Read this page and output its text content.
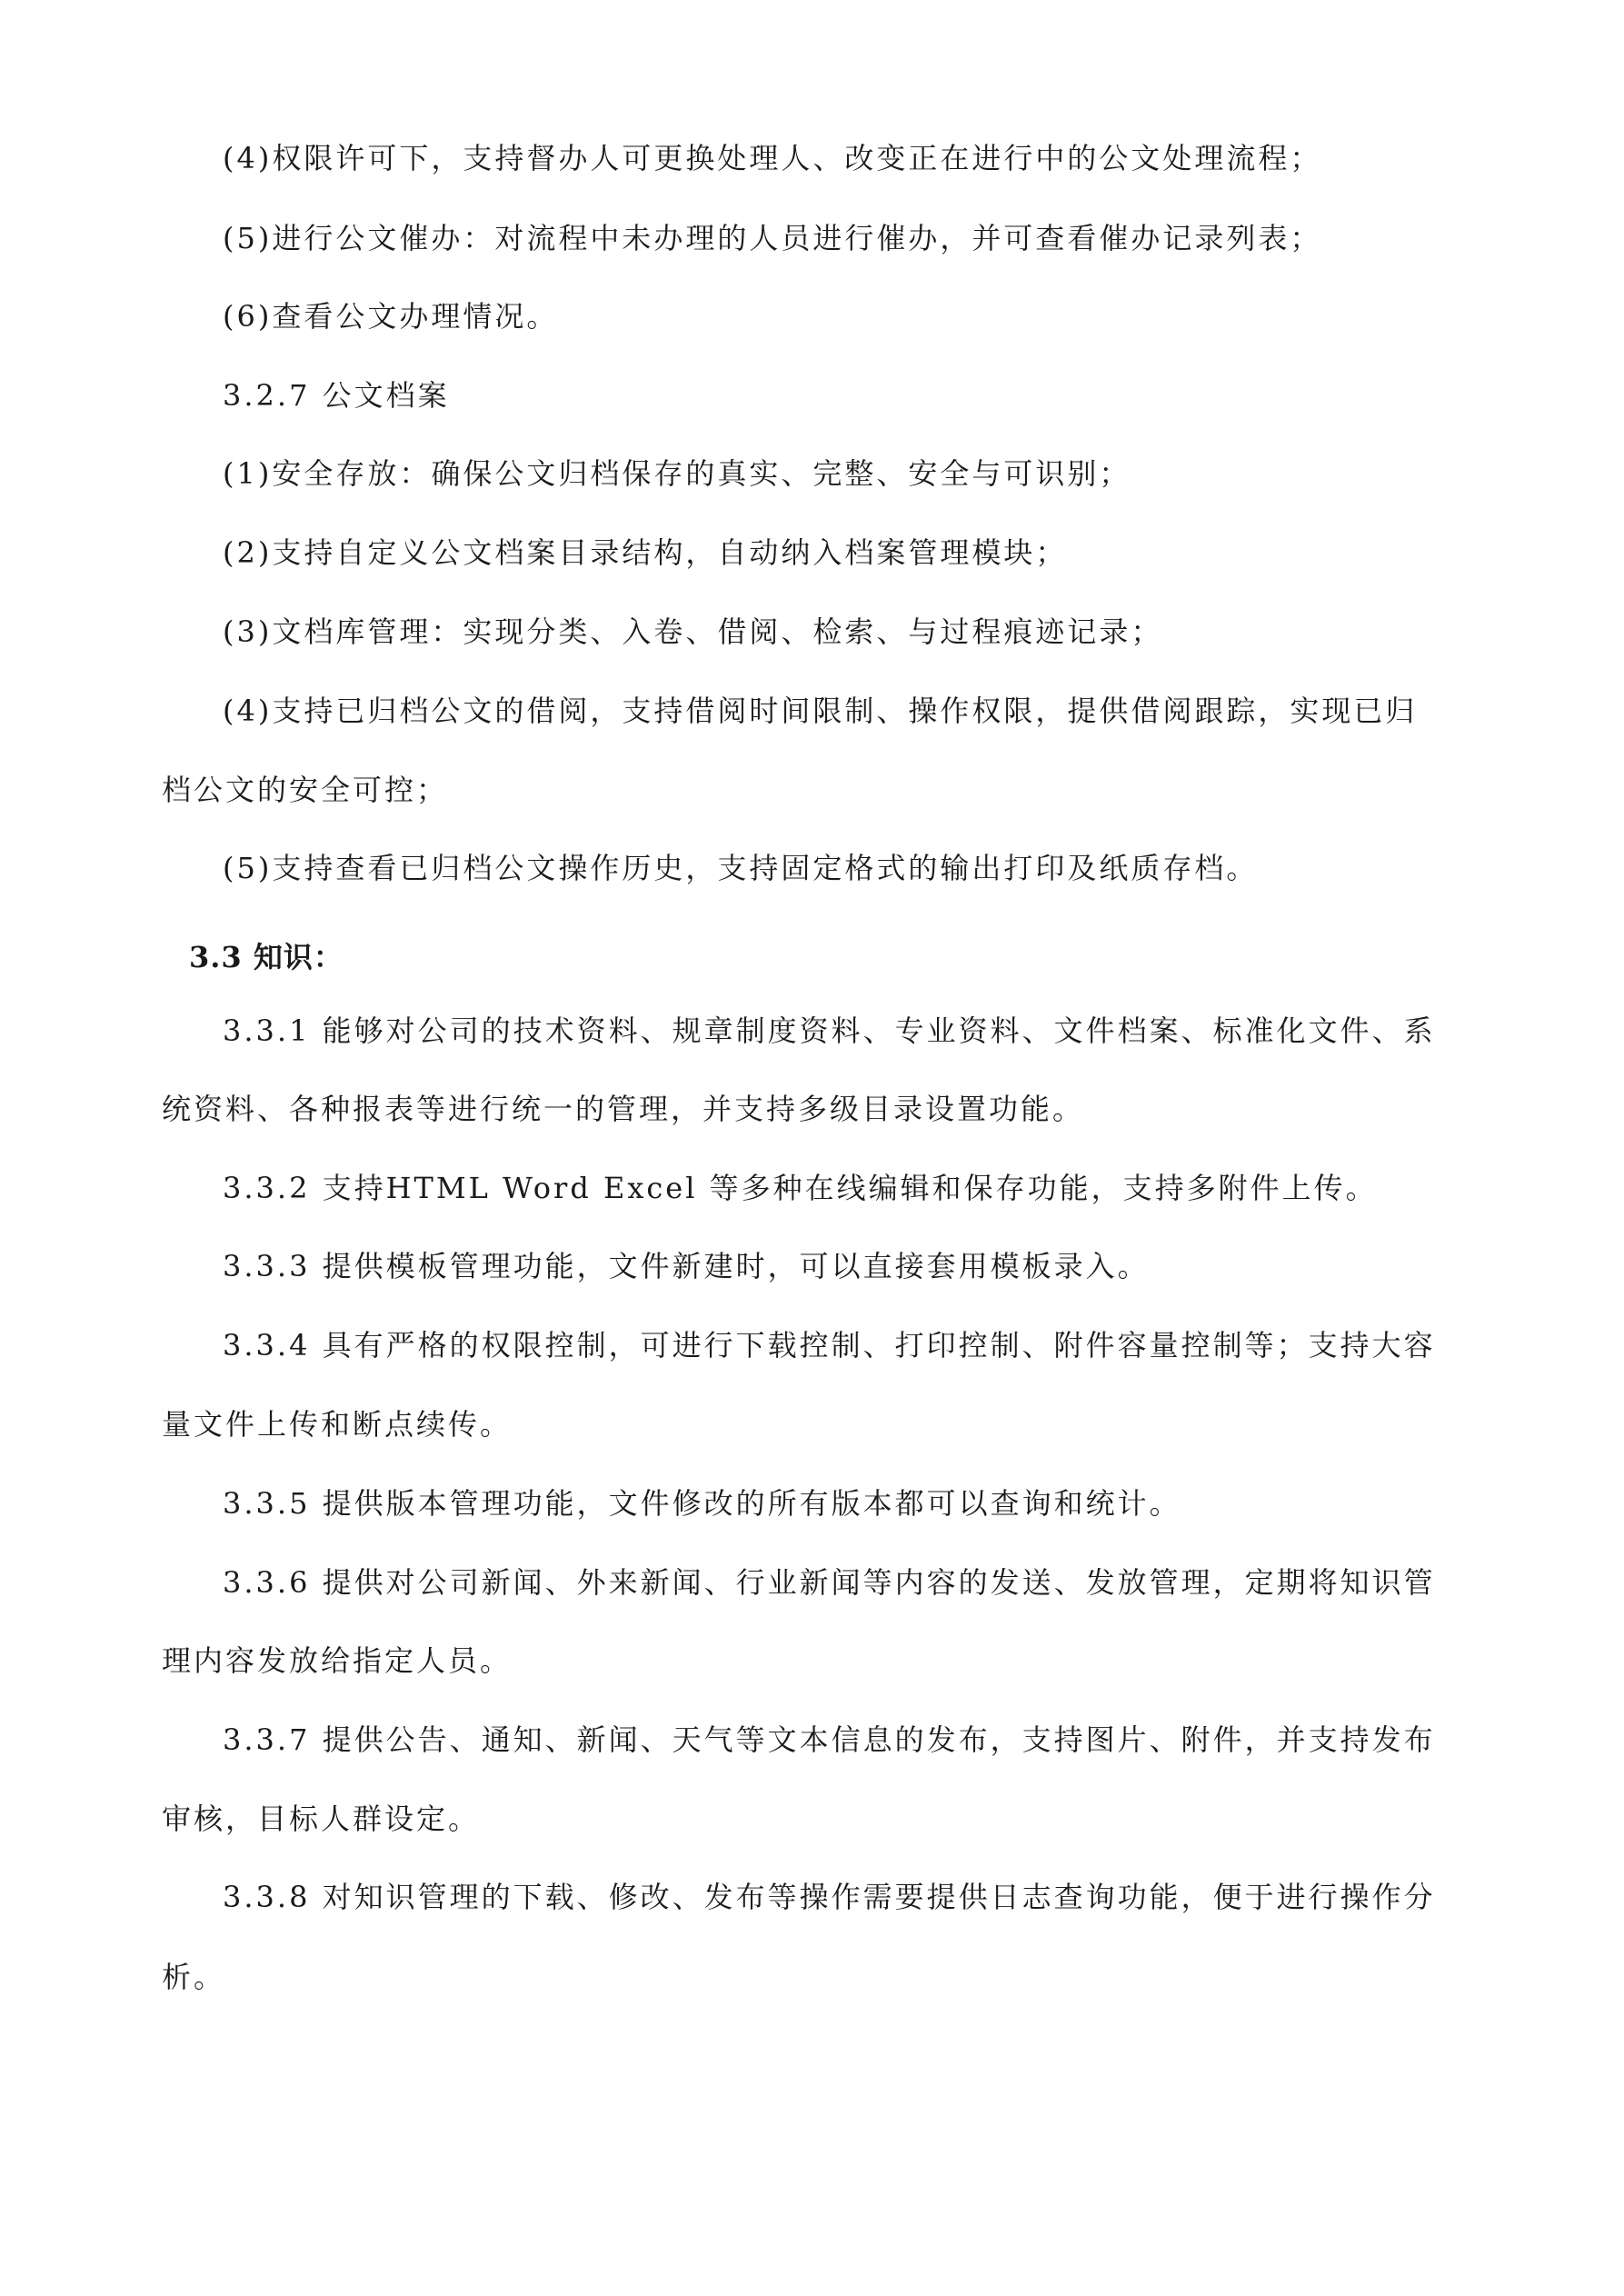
(4)权限许可下，支持督办人可更换处理人、改变正在进行中的公文处理流程；
(5)进行公文催办：对流程中未办理的人员进行催办，并可查看催办记录列表；
(6)查看公文办理情况。
3.2.7 公文档案
(1)安全存放：确保公文归档保存的真实、完整、安全与可识别；
(2)支持自定义公文档案目录结构，自动纳入档案管理模块；
(3)文档库管理：实现分类、入卷、借阅、检索、与过程痕迹记录；
(4)支持已归档公文的借阅，支持借阅时间限制、操作权限，提供借阅跟踪，实现已归
档公文的安全可控；
(5)支持查看已归档公文操作历史，支持固定格式的输出打印及纸质存档。
3.3 知识：
3.3.1 能够对公司的技术资料、规章制度资料、专业资料、文件档案、标准化文件、系
统资料、各种报表等进行统一的管理，并支持多级目录设置功能。
3.3.2 支持HTML Word Excel 等多种在线编辑和保存功能，支持多附件上传。
3.3.3 提供模板管理功能，文件新建时，可以直接套用模板录入。
3.3.4 具有严格的权限控制，可进行下载控制、打印控制、附件容量控制等；支持大容
量文件上传和断点续传。
3.3.5 提供版本管理功能，文件修改的所有版本都可以查询和统计。
3.3.6 提供对公司新闻、外来新闻、行业新闻等内容的发送、发放管理，定期将知识管
理内容发放给指定人员。
3.3.7 提供公告、通知、新闻、天气等文本信息的发布，支持图片、附件，并支持发布
审核，目标人群设定。
3.3.8 对知识管理的下载、修改、发布等操作需要提供日志查询功能，便于进行操作分
析。
